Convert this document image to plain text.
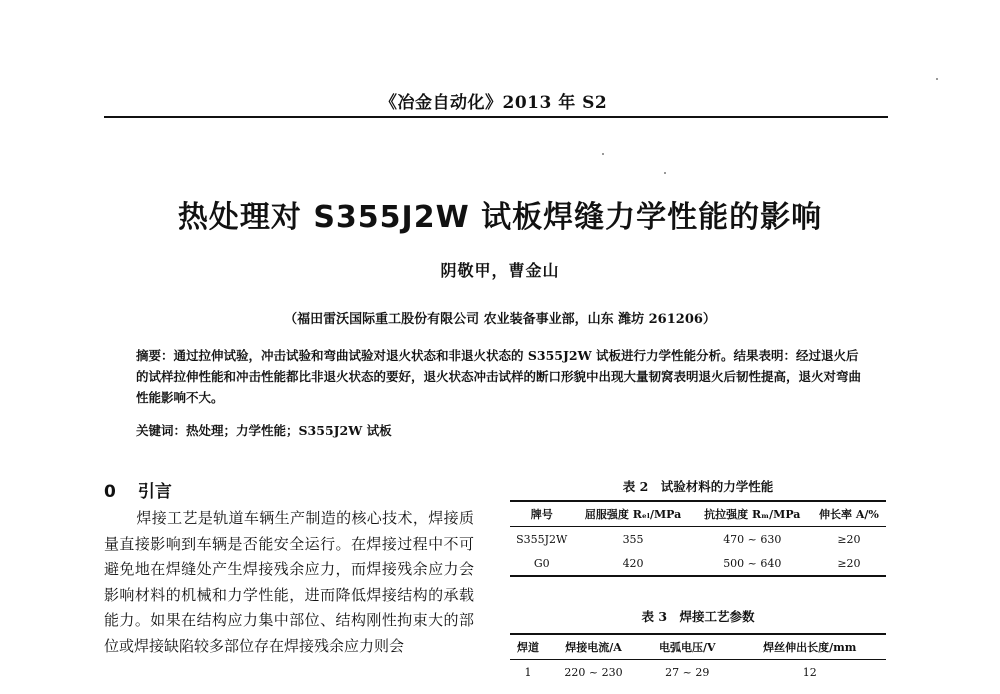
《冶金自动化》2013 年 S2
热处理对 S355J2W 试板焊缝力学性能的影响
阴敬甲，曹金山
（福田雷沃国际重工股份有限公司 农业装备事业部，山东 潍坊 261206）
摘要：通过拉伸试验，冲击试验和弯曲试验对退火状态和非退火状态的 S355J2W 试板进行力学性能分析。结果表明：经过退火后的试样拉伸性能和冲击性能都比非退火状态的要好，退火状态冲击试样的断口形貌中出现大量韧窝表明退火后韧性提高，退火对弯曲性能影响不大。
关键词：热处理；力学性能；S355J2W 试板
0 引言
焊接工艺是轨道车辆生产制造的核心技术，焊接质量直接影响到车辆是否能安全运行。在焊接过程中不可避免地在焊缝处产生焊接残余应力，而焊接残余应力会影响材料的机械和力学性能，进而降低焊接结构的承载能力。如果在结构应力集中部位、结构刚性拘束大的部位或焊接缺陷较多部位存在焊接残余应力则会
表 2　试验材料的力学性能
牌号	屈服强度 Rₑₗ/MPa	抗拉强度 Rₘ/MPa	伸长率 A/%
S355J2W	355	470 ~ 630	≥20
G0	420	500 ~ 640	≥20
表 3　焊接工艺参数
焊道	焊接电流/A	电弧电压/V	焊丝伸出长度/mm
1	220 ~ 230	27 ~ 29	12
